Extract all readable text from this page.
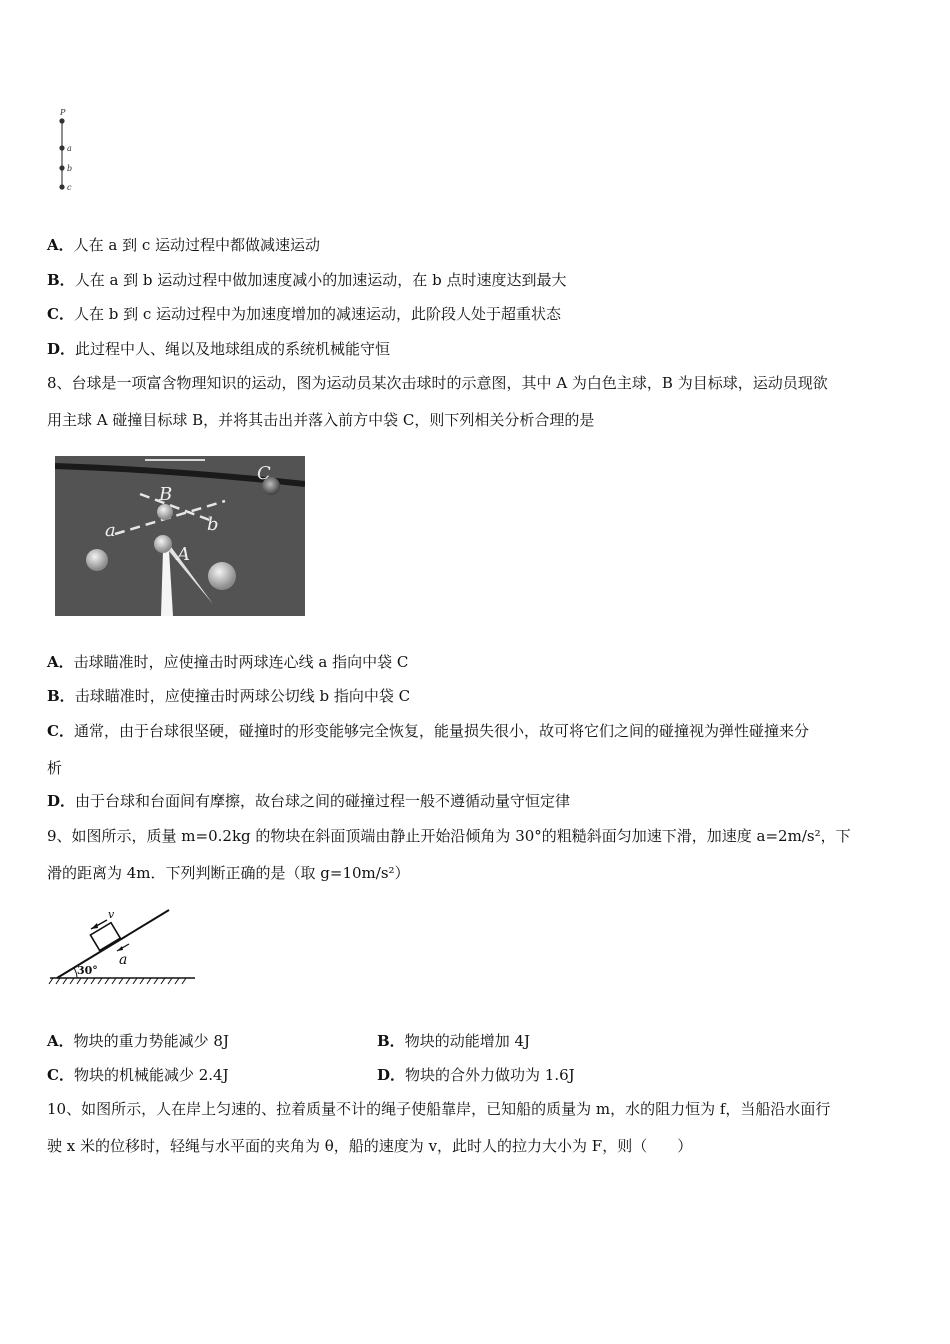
P
a
b
c
A．人在 a 到 c 运动过程中都做减速运动
B．人在 a 到 b 运动过程中做加速度减小的加速运动，在 b 点时速度达到最大
C．人在 b 到 c 运动过程中为加速度增加的减速运动，此阶段人处于超重状态
D．此过程中人、绳以及地球组成的系统机械能守恒
8、台球是一项富含物理知识的运动，图为运动员某次击球时的示意图，其中 A 为白色主球，B 为目标球，运动员现欲
用主球 A 碰撞目标球 B，并将其击出并落入前方中袋 C，则下列相关分析合理的是
C
B
A
a	b
A．击球瞄准时，应使撞击时两球连心线 a 指向中袋 C
B．击球瞄准时，应使撞击时两球公切线 b 指向中袋 C
C．通常，由于台球很坚硬，碰撞时的形变能够完全恢复，能量损失很小，故可将它们之间的碰撞视为弹性碰撞来分
析
D．由于台球和台面间有摩擦，故台球之间的碰撞过程一般不遵循动量守恒定律
9、如图所示，质量 m=0.2kg 的物块在斜面顶端由静止开始沿倾角为 30°的粗糙斜面匀加速下滑，加速度 a=2m/s²，下
滑的距离为 4m．下列判断正确的是（取 g=10m/s²）
30°
v
a
A．物块的重力势能减少 8J	B．物块的动能增加 4J
C．物块的机械能减少 2.4J	D．物块的合外力做功为 1.6J
10、如图所示，人在岸上匀速的、拉着质量不计的绳子使船靠岸，已知船的质量为 m，水的阻力恒为 f，当船沿水面行
驶 x 米的位移时，轻绳与水平面的夹角为 θ，船的速度为 v，此时人的拉力大小为 F，则（　　）
